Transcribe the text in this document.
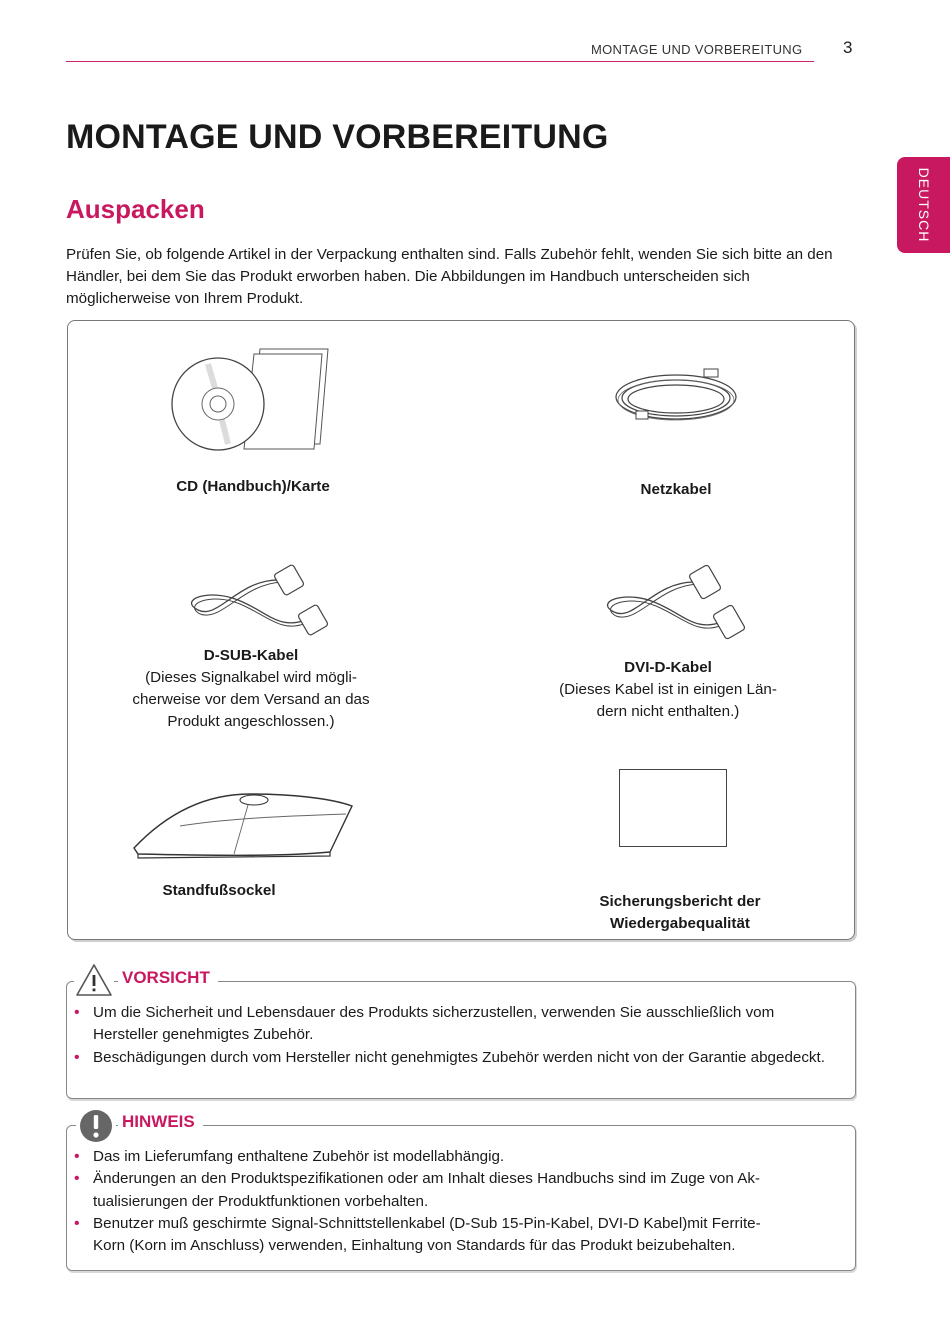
MONTAGE UND VORBEREITUNG 3
DEUTSCH
MONTAGE UND VORBEREITUNG
Auspacken
Prüfen Sie, ob folgende Artikel in der Verpackung enthalten sind. Falls Zubehör fehlt, wenden Sie sich bitte an den Händler, bei dem Sie das Produkt erworben haben. Die Abbildungen im Handbuch unterscheiden sich möglicherweise von Ihrem Produkt.
CD (Handbuch)/Karte	Netzkabel
D-SUB-Kabel
(Dieses Signalkabel wird mögli-
cherweise vor dem Versand an das
Produkt angeschlossen.)
DVI-D-Kabel
(Dieses Kabel ist in einigen Län-
dern nicht enthalten.)
Standfußsockel

Sicherungsbericht der
Wiedergabequalität

• Um die Sicherheit und Lebensdauer des Produkts sicherzustellen, verwenden Sie ausschließlich vom Hersteller genehmigtes Zubehör.
• Beschädigungen durch vom Hersteller nicht genehmigtes Zubehör werden nicht von der Garantie abgedeckt.
VORSICHT
• Das im Lieferumfang enthaltene Zubehör ist modellabhängig.
• Änderungen an den Produktspezifikationen oder am Inhalt dieses Handbuchs sind im Zuge von Ak-
tualisierungen der Produktfunktionen vorbehalten.
• Benutzer muß geschirmte Signal-Schnittstellenkabel (D-Sub 15-Pin-Kabel, DVI-D Kabel)mit Ferrite-
Korn (Korn im Anschluss) verwenden, Einhaltung von Standards für das Produkt beizubehalten.
HINWEIS
